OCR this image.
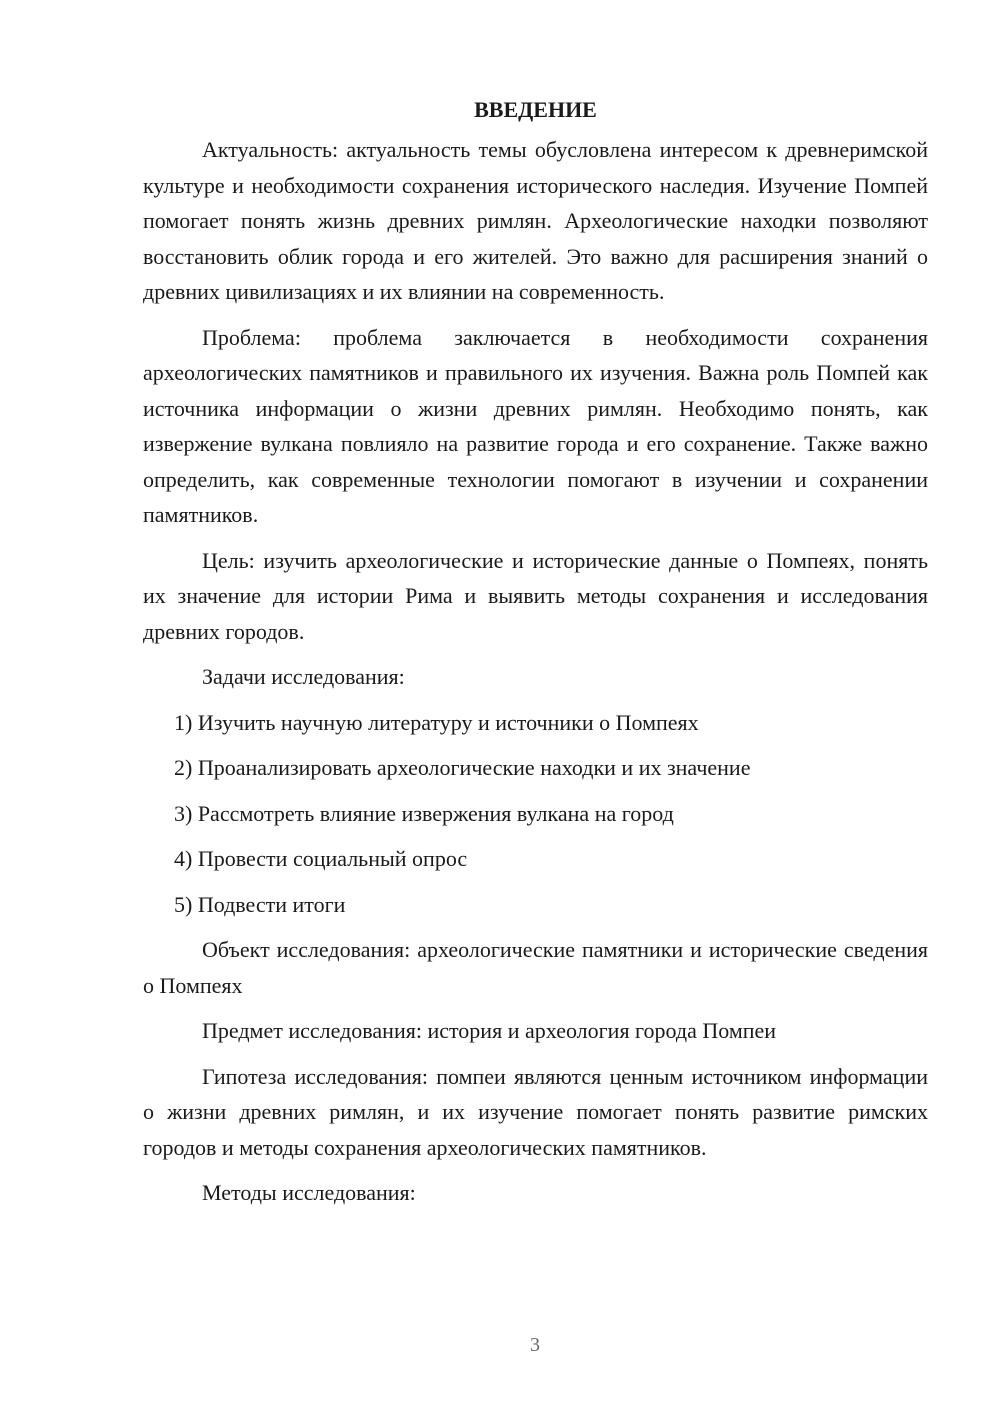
ВВЕДЕНИЕ

Актуальность: актуальность темы обусловлена интересом к древнеримской культуре и необходимости сохранения исторического наследия. Изучение Помпей помогает понять жизнь древних римлян. Археологические находки позволяют восстановить облик города и его жителей. Это важно для расширения знаний о древних цивилизациях и их влиянии на современность.

Проблема: проблема заключается в необходимости сохранения археологических памятников и правильного их изучения. Важна роль Помпей как источника информации о жизни древних римлян. Необходимо понять, как извержение вулкана повлияло на развитие города и его сохранение. Также важно определить, как современные технологии помогают в изучении и сохранении памятников.

Цель: изучить археологические и исторические данные о Помпеях, понять их значение для истории Рима и выявить методы сохранения и исследования древних городов.

Задачи исследования:

1) Изучить научную литературу и источники о Помпеях

2) Проанализировать археологические находки и их значение

3) Рассмотреть влияние извержения вулкана на город

4) Провести социальный опрос

5) Подвести итоги

Объект исследования: археологические памятники и исторические сведения о Помпеях

Предмет исследования: история и археология города Помпеи

Гипотеза исследования: помпеи являются ценным источником информации о жизни древних римлян, и их изучение помогает понять развитие римских городов и методы сохранения археологических памятников.

Методы исследования:

3
